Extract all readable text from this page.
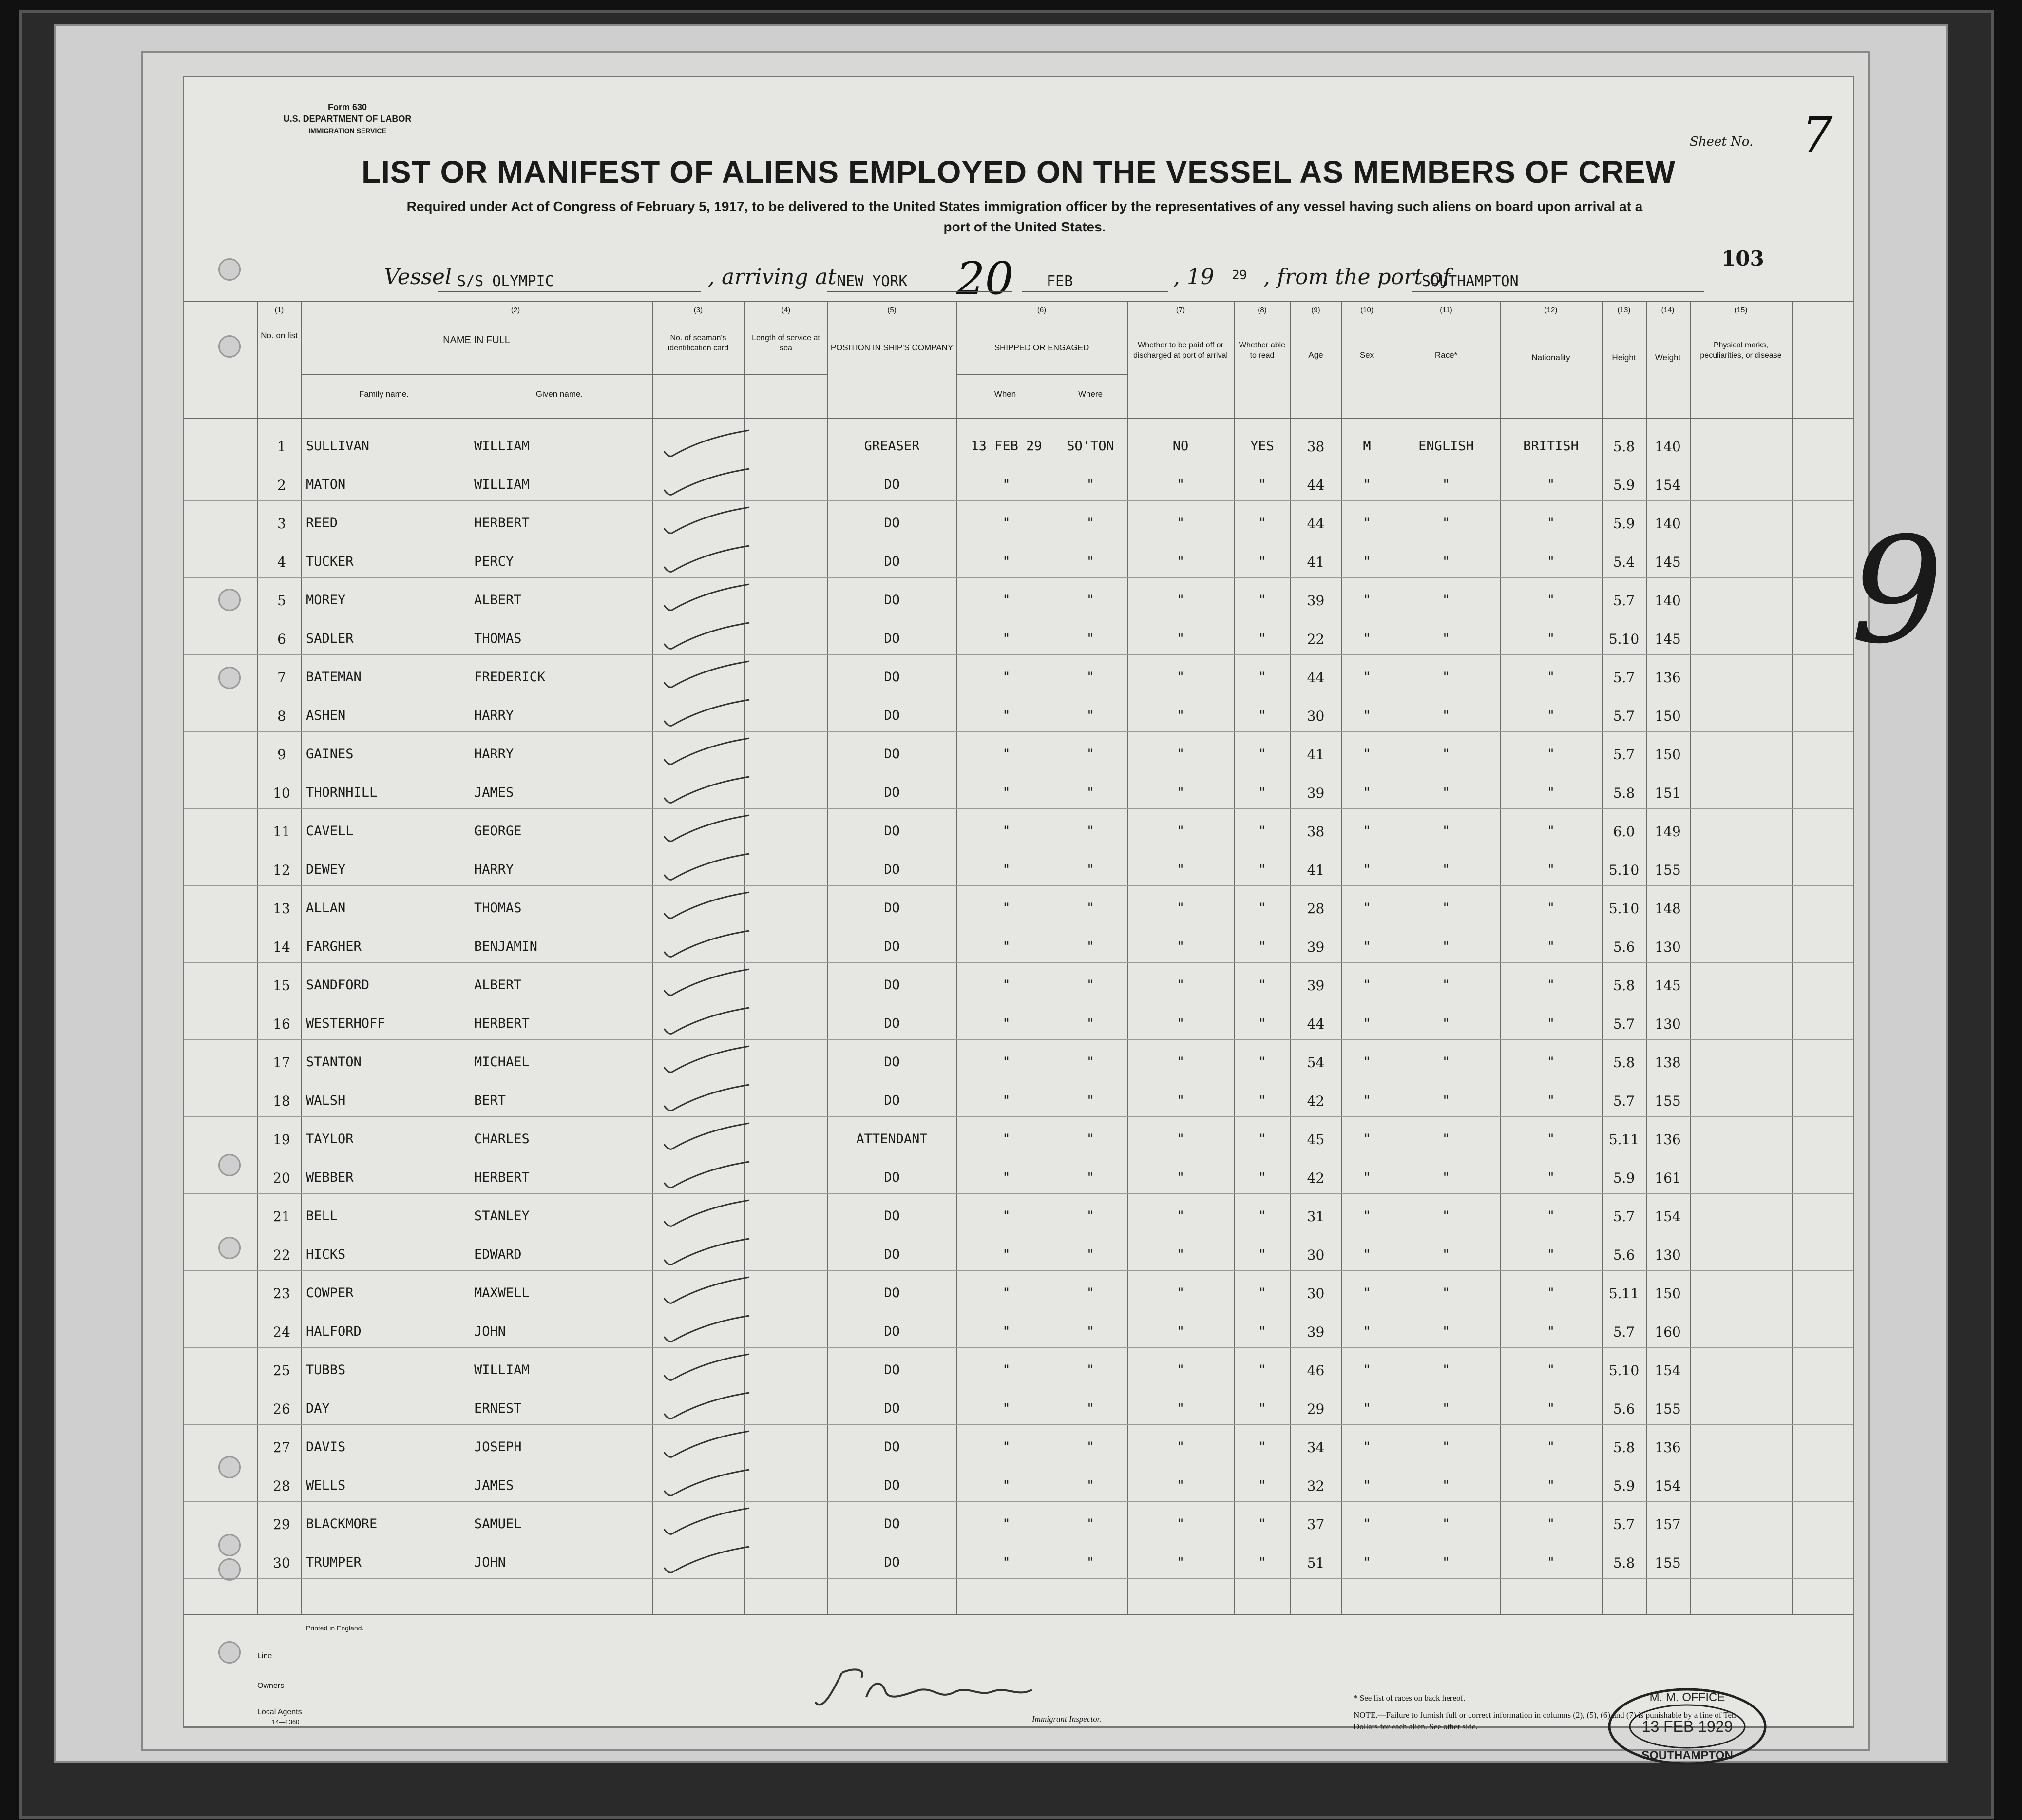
Form 630
U.S. DEPARTMENT OF LABOR
IMMIGRATION SERVICE
Sheet No. 7
LIST OR MANIFEST OF ALIENS EMPLOYED ON THE VESSEL AS MEMBERS OF CREW
Required under Act of Congress of February 5, 1917, to be delivered to the United States immigration officer by the representatives of any vessel having such aliens on board upon arrival at a port of the United States.
103
Vessel S/S OLYMPIC	, arriving at NEW YORK 20 FEB	, 19 29 , from the port of
SOUTHAMPTON
(1)	(2)	(3)	(4)	(5)	(6)	(7)	(8)	(9)	(10)	(11)	(12)	(13)	(14)	(15)
No. on list	NAME IN FULL
Family name.	Given name.
No. of seaman's identification card
Length of service at sea	POSITION IN SHIP'S COMPANY	SHIPPED OR ENGAGED
When	Where
Whether to be paid off or discharged at port of arrival
Whether able to read	Age	Sex	Race*	Nationality	Height	Weight
Physical marks, peculiarities, or disease
1	SULLIVAN	WILLIAM	GREASER	13 FEB 29	SO'TON	NO	YES	38	M	ENGLISH	BRITISH	5.8	140
2	MATON	WILLIAM	DO	"	"	"	"	44	"	"	"	5.9	154
3	REED	HERBERT	DO	"	"	"	"	44	"	"	"	5.9	140
4	TUCKER	PERCY	DO	"	"	"	"	41	"	"	"	5.4	145
5	MOREY	ALBERT	DO	"	"	"	"	39	"	"	"	5.7	140
6	SADLER	THOMAS	DO	"	"	"	"	22	"	"	"	5.10	145
7	BATEMAN	FREDERICK	DO	"	"	"	"	44	"	"	"	5.7	136
8	ASHEN	HARRY	DO	"	"	"	"	30	"	"	"	5.7	150
9	GAINES	HARRY	DO	"	"	"	"	41	"	"	"	5.7	150
10	THORNHILL	JAMES	DO	"	"	"	"	39	"	"	"	5.8	151
11	CAVELL	GEORGE	DO	"	"	"	"	38	"	"	"	6.0	149
12	DEWEY	HARRY	DO	"	"	"	"	41	"	"	"	5.10	155
13	ALLAN	THOMAS	DO	"	"	"	"	28	"	"	"	5.10	148
14	FARGHER	BENJAMIN	DO	"	"	"	"	39	"	"	"	5.6	130
15	SANDFORD	ALBERT	DO	"	"	"	"	39	"	"	"	5.8	145
16	WESTERHOFF	HERBERT	DO	"	"	"	"	44	"	"	"	5.7	130
17	STANTON	MICHAEL	DO	"	"	"	"	54	"	"	"	5.8	138
18	WALSH	BERT	DO	"	"	"	"	42	"	"	"	5.7	155
19	TAYLOR	CHARLES	ATTENDANT	"	"	"	"	45	"	"	"	5.11	136
20	WEBBER	HERBERT	DO	"	"	"	"	42	"	"	"	5.9	161
21	BELL	STANLEY	DO	"	"	"	"	31	"	"	"	5.7	154
22	HICKS	EDWARD	DO	"	"	"	"	30	"	"	"	5.6	130
23	COWPER	MAXWELL	DO	"	"	"	"	30	"	"	"	5.11	150
24	HALFORD	JOHN	DO	"	"	"	"	39	"	"	"	5.7	160
25	TUBBS	WILLIAM	DO	"	"	"	"	46	"	"	"	5.10	154
26	DAY	ERNEST	DO	"	"	"	"	29	"	"	"	5.6	155
27	DAVIS	JOSEPH	DO	"	"	"	"	34	"	"	"	5.8	136
28	WELLS	JAMES	DO	"	"	"	"	32	"	"	"	5.9	154
29	BLACKMORE	SAMUEL	DO	"	"	"	"	37	"	"	"	5.7	157
30	TRUMPER	JOHN	DO	"	"	"	"	51	"	"	"	5.8	155
Printed in England.
Line
Owners
Local Agents
14—1360	Immigrant Inspector.
* See list of races on back hereof.
NOTE.—Failure to furnish full or correct information in columns (2), (5), (6) and (7) is punishable by a fine of Ten Dollars for each alien. See other side.
M. M. OFFICE
13 FEB 1929
SOUTHAMPTON
9
